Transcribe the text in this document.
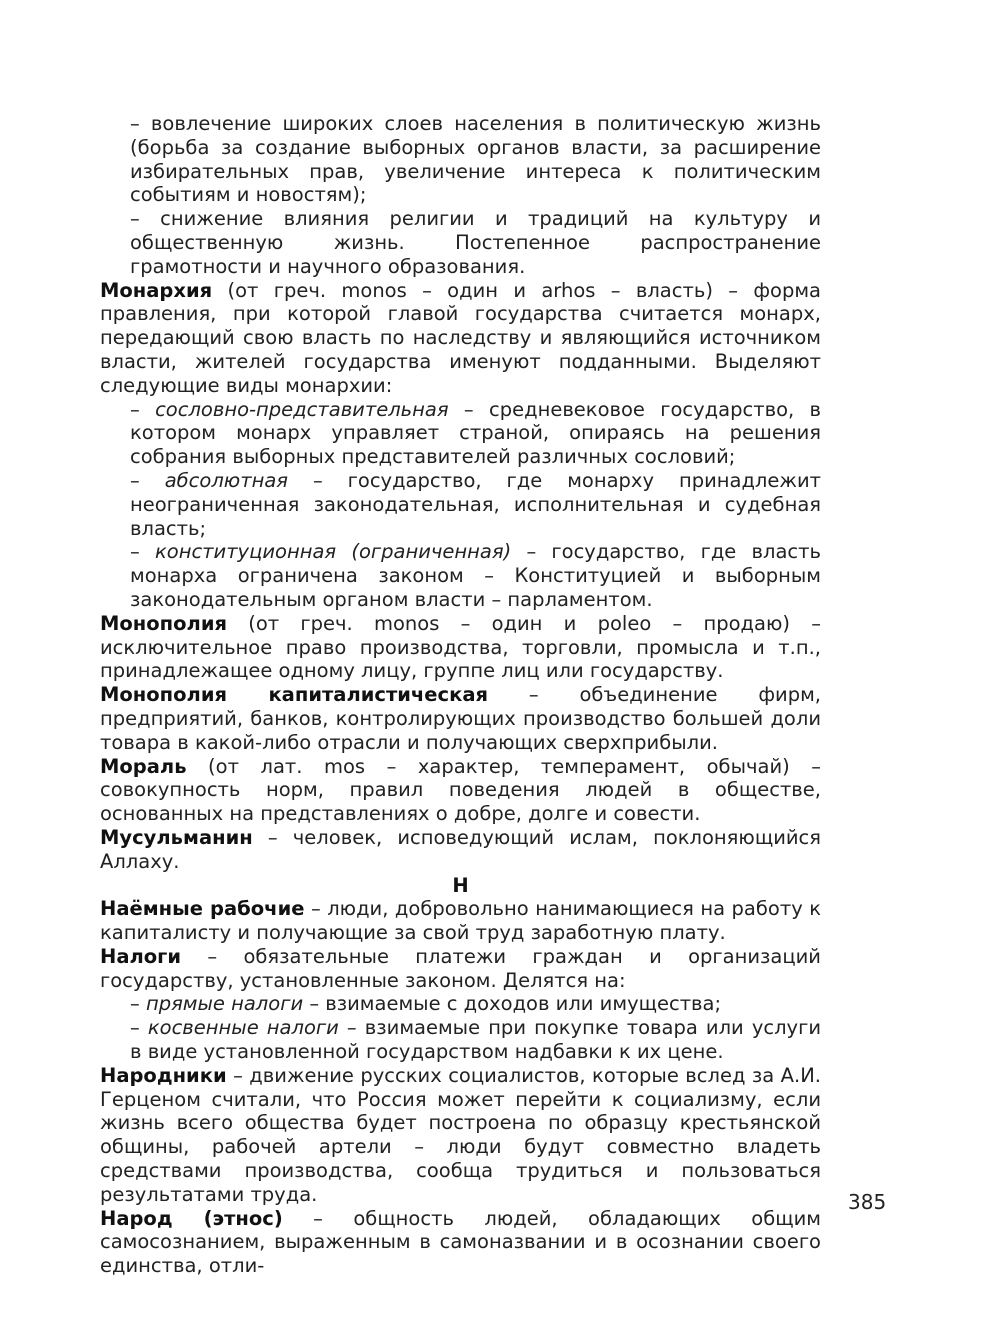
– вовлечение широких слоев населения в политическую жизнь (борьба за создание выборных органов власти, за расширение избирательных прав, увеличение интереса к политическим событиям и новостям);

– снижение влияния религии и традиций на культуру и общественную жизнь. Постепенное распространение грамотности и научного образования.

Монархия (от греч. monos – один и arhos – власть) – форма правления, при которой главой государства считается монарх, передающий свою власть по наследству и являющийся источником власти, жителей государства именуют подданными. Выделяют следующие виды монархии:

– сословно-представительная – средневековое государство, в котором монарх управляет страной, опираясь на решения собрания выборных представителей различных сословий;

– абсолютная – государство, где монарху принадлежит неограниченная законодательная, исполнительная и судебная власть;

– конституционная (ограниченная) – государство, где власть монарха ограничена законом – Конституцией и выборным законодательным органом власти – парламентом.

Монополия (от греч. monos – один и poleo – продаю) – исключительное право производства, торговли, промысла и т.п., принадлежащее одному лицу, группе лиц или государству.

Монополия капиталистическая – объединение фирм, предприятий, банков, контролирующих производство большей доли товара в какой-либо отрасли и получающих сверхприбыли.

Мораль (от лат. mos – характер, темперамент, обычай) – совокупность норм, правил поведения людей в обществе, основанных на представлениях о добре, долге и совести.

Мусульманин – человек, исповедующий ислам, поклоняющийся Аллаху.

Н

Наёмные рабочие – люди, добровольно нанимающиеся на работу к капиталисту и получающие за свой труд заработную плату.

Налоги – обязательные платежи граждан и организаций государству, установленные законом. Делятся на:

– прямые налоги – взимаемые с доходов или имущества;

– косвенные налоги – взимаемые при покупке товара или услуги в виде установленной государством надбавки к их цене.

Народники – движение русских социалистов, которые вслед за А.И. Герценом считали, что Россия может перейти к социализму, если жизнь всего общества будет построена по образцу крестьянской общины, рабочей артели – люди будут совместно владеть средствами производства, сообща трудиться и пользоваться результатами труда.

Народ (этнос) – общность людей, обладающих общим самосознанием, выраженным в самоназвании и в осознании своего единства, отли-

385
